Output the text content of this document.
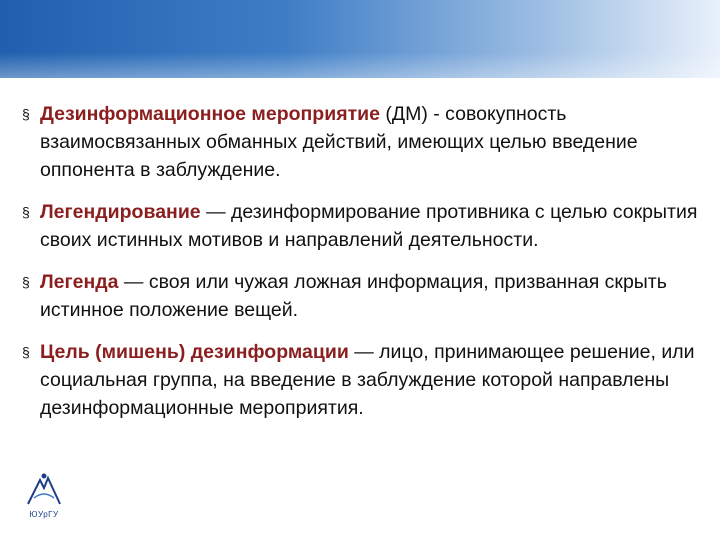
§ Дезинформационное мероприятие (ДМ) - совокупность взаимосвязанных обманных действий, имеющих целью введение оппонента в заблуждение.
§ Легендирование — дезинформирование противника с целью сокрытия своих истинных мотивов и направлений деятельности.
§ Легенда — своя или чужая ложная информация, призванная скрыть истинное положение вещей.
§ Цель (мишень) дезинформации — лицо, принимающее решение, или социальная группа, на введение в заблуждение которой направлены дезинформационные мероприятия.
ЮУрГУ
